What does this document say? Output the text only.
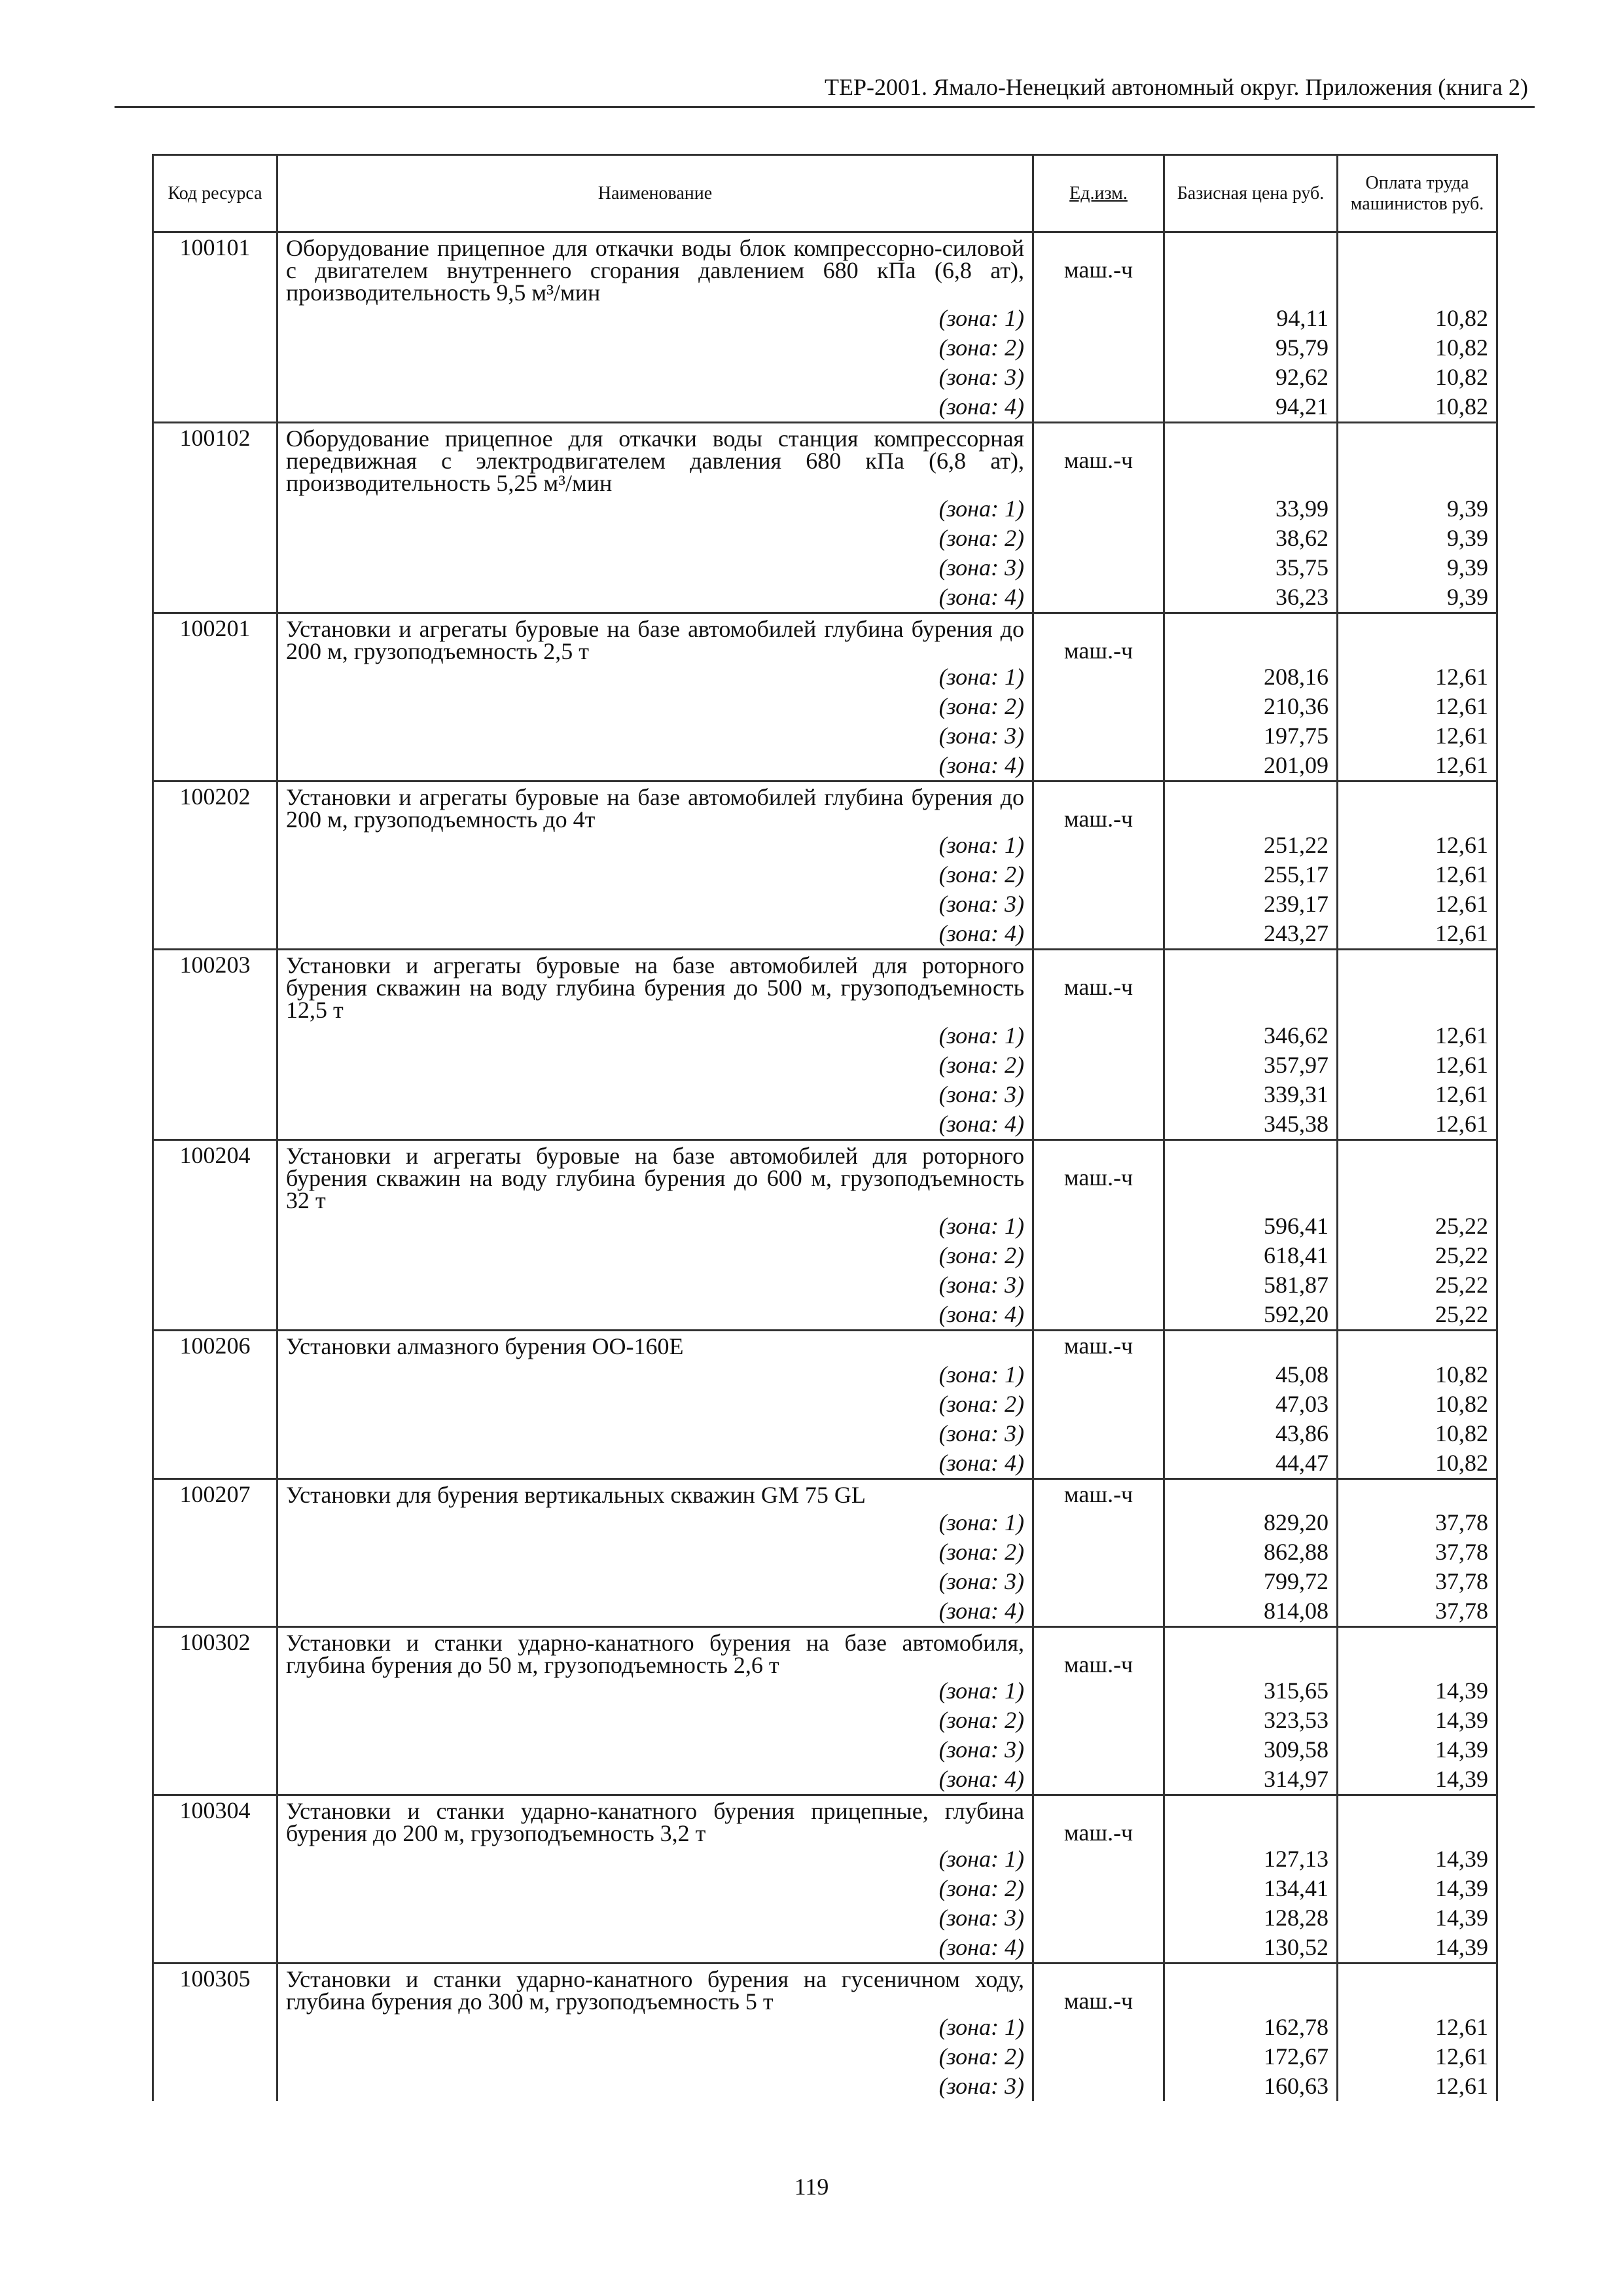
ТЕР-2001. Ямало-Ненецкий автономный округ. Приложения (книга 2)
Код ресурса	Наименование	Ед.изм.	Базисная цена руб.	Оплата труда машинистов руб.
100101	Оборудование прицепное для откачки воды блок компрессорно-силовой с двигателем внутреннего сгорания давлением 680 кПа (6,8 ат), производительность 9,5 м³/мин	маш.-ч		
	(зона: 1)		94,11	10,82
	(зона: 2)		95,79	10,82
	(зона: 3)		92,62	10,82
	(зона: 4)		94,21	10,82
100102	Оборудование прицепное для откачки воды станция компрессорная передвижная с электродвигателем давления 680 кПа (6,8 ат), производительность 5,25 м³/мин	маш.-ч		
	(зона: 1)		33,99	9,39
	(зона: 2)		38,62	9,39
	(зона: 3)		35,75	9,39
	(зона: 4)		36,23	9,39
100201	Установки и агрегаты буровые на базе автомобилей глубина бурения до 200 м, грузоподъемность 2,5 т	маш.-ч		
	(зона: 1)		208,16	12,61
	(зона: 2)		210,36	12,61
	(зона: 3)		197,75	12,61
	(зона: 4)		201,09	12,61
100202	Установки и агрегаты буровые на базе автомобилей глубина бурения до 200 м, грузоподъемность до 4т	маш.-ч		
	(зона: 1)		251,22	12,61
	(зона: 2)		255,17	12,61
	(зона: 3)		239,17	12,61
	(зона: 4)		243,27	12,61
100203	Установки и агрегаты буровые на базе автомобилей для роторного бурения скважин на воду глубина бурения до 500 м, грузоподъемность 12,5 т	маш.-ч		
	(зона: 1)		346,62	12,61
	(зона: 2)		357,97	12,61
	(зона: 3)		339,31	12,61
	(зона: 4)		345,38	12,61
100204	Установки и агрегаты буровые на базе автомобилей для роторного бурения скважин на воду глубина бурения до 600 м, грузоподъемность 32 т	маш.-ч		
	(зона: 1)		596,41	25,22
	(зона: 2)		618,41	25,22
	(зона: 3)		581,87	25,22
	(зона: 4)		592,20	25,22
100206	Установки алмазного бурения ОО-160Е	маш.-ч		
	(зона: 1)		45,08	10,82
	(зона: 2)		47,03	10,82
	(зона: 3)		43,86	10,82
	(зона: 4)		44,47	10,82
100207	Установки для бурения вертикальных скважин GM 75 GL	маш.-ч		
	(зона: 1)		829,20	37,78
	(зона: 2)		862,88	37,78
	(зона: 3)		799,72	37,78
	(зона: 4)		814,08	37,78
100302	Установки и станки ударно-канатного бурения на базе автомобиля, глубина бурения до 50 м, грузоподъемность 2,6 т	маш.-ч		
	(зона: 1)		315,65	14,39
	(зона: 2)		323,53	14,39
	(зона: 3)		309,58	14,39
	(зона: 4)		314,97	14,39
100304	Установки и станки ударно-канатного бурения прицепные, глубина бурения до 200 м, грузоподъемность 3,2 т	маш.-ч		
	(зона: 1)		127,13	14,39
	(зона: 2)		134,41	14,39
	(зона: 3)		128,28	14,39
	(зона: 4)		130,52	14,39
100305	Установки и станки ударно-канатного бурения на гусеничном ходу, глубина бурения до 300 м, грузоподъемность 5 т	маш.-ч		
	(зона: 1)		162,78	12,61
	(зона: 2)		172,67	12,61
	(зона: 3)		160,63	12,61
119
